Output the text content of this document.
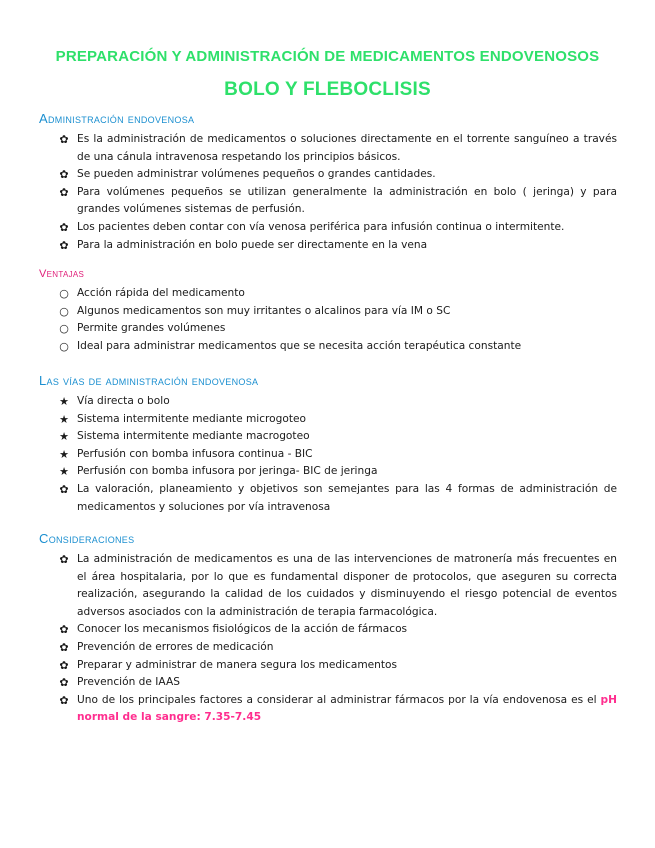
PREPARACIÓN Y ADMINISTRACIÓN DE MEDICAMENTOS ENDOVENOSOS
BOLO Y FLEBOCLISIS
Administración endovenosa
✿ Es la administración de medicamentos o soluciones directamente en el torrente sanguíneo a través de una cánula intravenosa respetando los principios básicos.
✿ Se pueden administrar volúmenes pequeños o grandes cantidades.
✿ Para volúmenes pequeños se utilizan generalmente la administración en bolo ( jeringa) y para grandes volúmenes sistemas de perfusión.
✿ Los pacientes deben contar con vía venosa periférica para infusión continua o intermitente.
✿ Para la administración en bolo puede ser directamente en la vena
Ventajas
○ Acción rápida del medicamento
○ Algunos medicamentos son muy irritantes o alcalinos para vía IM o SC
○ Permite grandes volúmenes
○ Ideal para administrar medicamentos que se necesita acción terapéutica constante
Las vías de administración endovenosa
★ Vía directa o bolo
★ Sistema intermitente mediante microgoteo
★ Sistema intermitente mediante macrogoteo
★ Perfusión con bomba infusora continua - BIC
★ Perfusión con bomba infusora por jeringa- BIC de jeringa
✿ La valoración, planeamiento y objetivos son semejantes para las 4 formas de administración de medicamentos y soluciones por vía intravenosa
Consideraciones
✿ La administración de medicamentos es una de las intervenciones de matronería más frecuentes en el área hospitalaria, por lo que es fundamental disponer de protocolos, que aseguren su correcta realización, asegurando la calidad de los cuidados y disminuyendo el riesgo potencial de eventos adversos asociados con la administración de terapia farmacológica.
✿ Conocer los mecanismos fisiológicos de la acción de fármacos
✿ Prevención de errores de medicación
✿ Preparar y administrar de manera segura los medicamentos
✿ Prevención de IAAS
✿ Uno de los principales factores a considerar al administrar fármacos por la vía endovenosa es el pH normal de la sangre: 7.35-7.45
